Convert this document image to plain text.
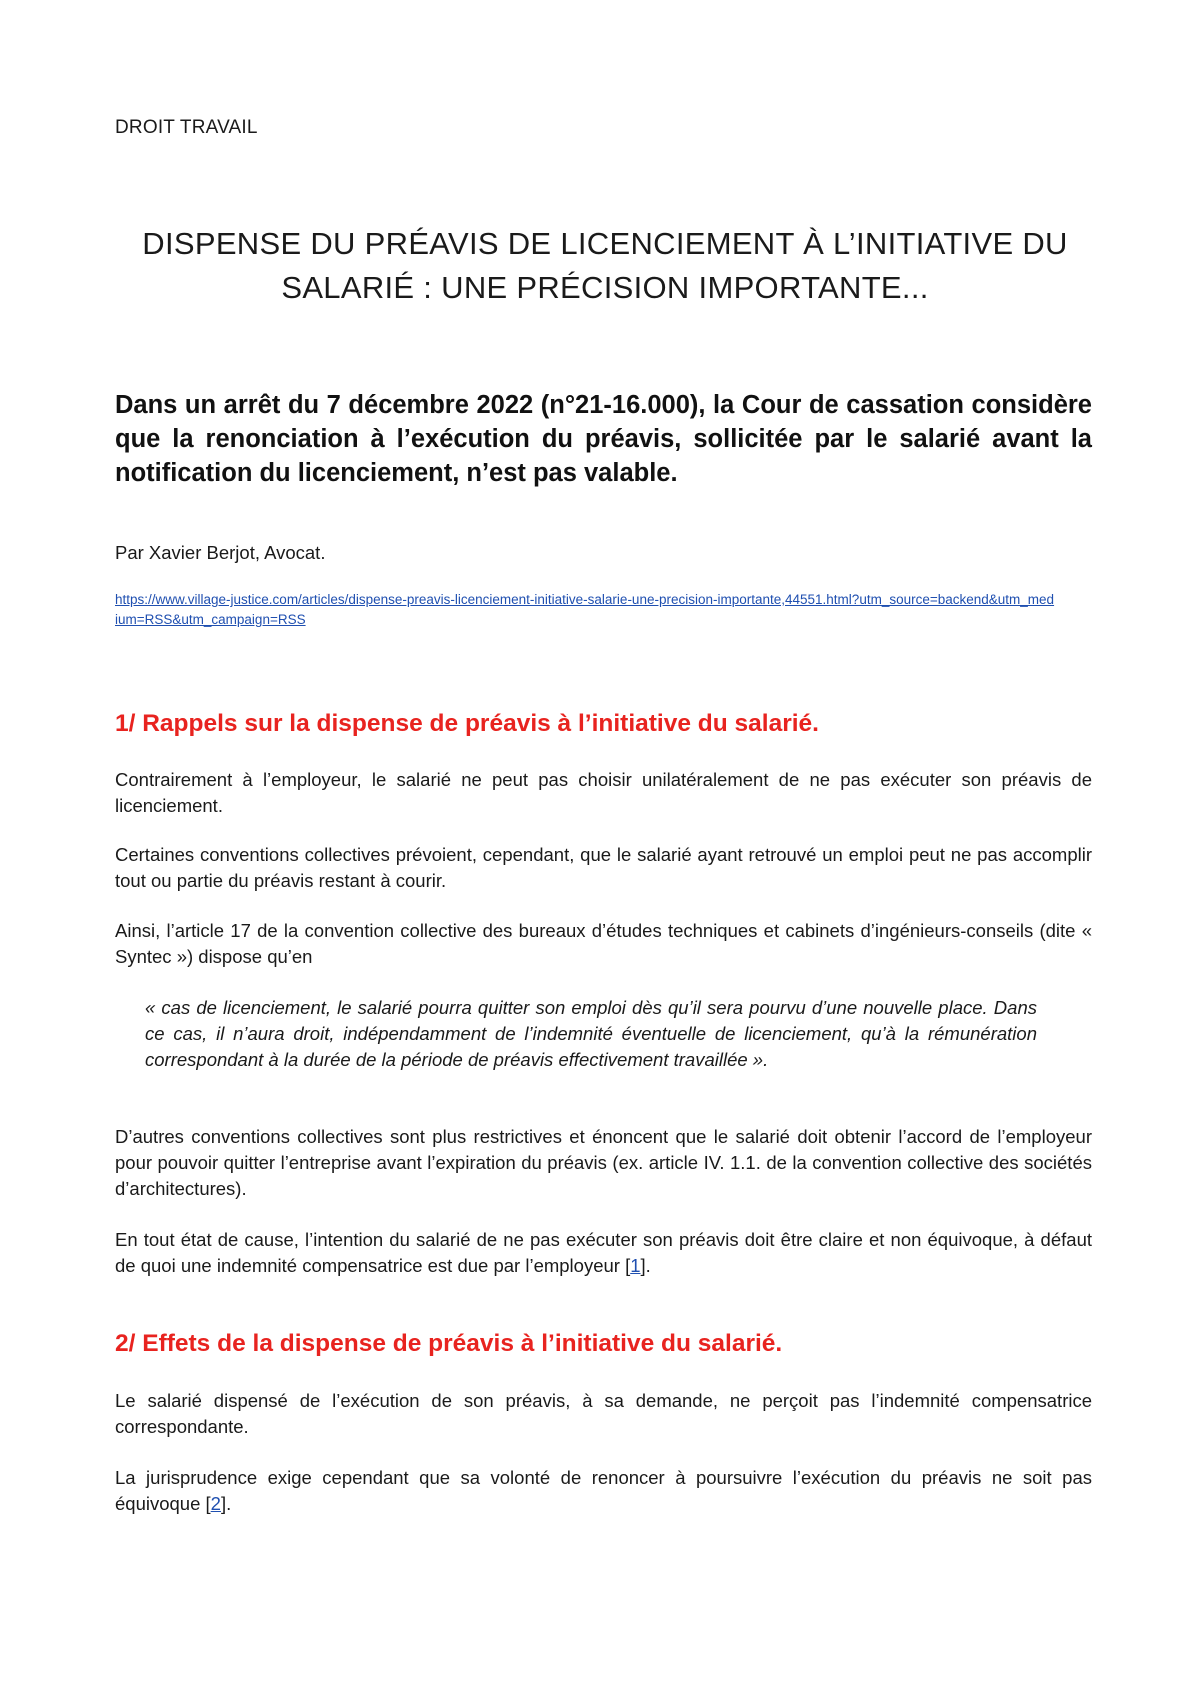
DROIT TRAVAIL
DISPENSE DU PRÉAVIS DE LICENCIEMENT À L’INITIATIVE DU SALARIÉ : UNE PRÉCISION IMPORTANTE...
Dans un arrêt du 7 décembre 2022 (n°21-16.000), la Cour de cassation considère que la renonciation à l’exécution du préavis, sollicitée par le salarié avant la notification du licenciement, n’est pas valable.
Par Xavier Berjot, Avocat.
https://www.village-justice.com/articles/dispense-preavis-licenciement-initiative-salarie-une-precision-importante,44551.html?utm_source=backend&utm_medium=RSS&utm_campaign=RSS
1/ Rappels sur la dispense de préavis à l’initiative du salarié.
Contrairement à l’employeur, le salarié ne peut pas choisir unilatéralement de ne pas exécuter son préavis de licenciement.
Certaines conventions collectives prévoient, cependant, que le salarié ayant retrouvé un emploi peut ne pas accomplir tout ou partie du préavis restant à courir.
Ainsi, l’article 17 de la convention collective des bureaux d’études techniques et cabinets d’ingénieurs-conseils (dite « Syntec ») dispose qu’en
« cas de licenciement, le salarié pourra quitter son emploi dès qu’il sera pourvu d’une nouvelle place. Dans ce cas, il n’aura droit, indépendamment de l’indemnité éventuelle de licenciement, qu’à la rémunération correspondant à la durée de la période de préavis effectivement travaillée ».
D’autres conventions collectives sont plus restrictives et énoncent que le salarié doit obtenir l’accord de l’employeur pour pouvoir quitter l’entreprise avant l’expiration du préavis (ex. article IV. 1.1. de la convention collective des sociétés d’architectures).
En tout état de cause, l’intention du salarié de ne pas exécuter son préavis doit être claire et non équivoque, à défaut de quoi une indemnité compensatrice est due par l’employeur [1].
2/ Effets de la dispense de préavis à l’initiative du salarié.
Le salarié dispensé de l’exécution de son préavis, à sa demande, ne perçoit pas l’indemnité compensatrice correspondante.
La jurisprudence exige cependant que sa volonté de renoncer à poursuivre l’exécution du préavis ne soit pas équivoque [2].
